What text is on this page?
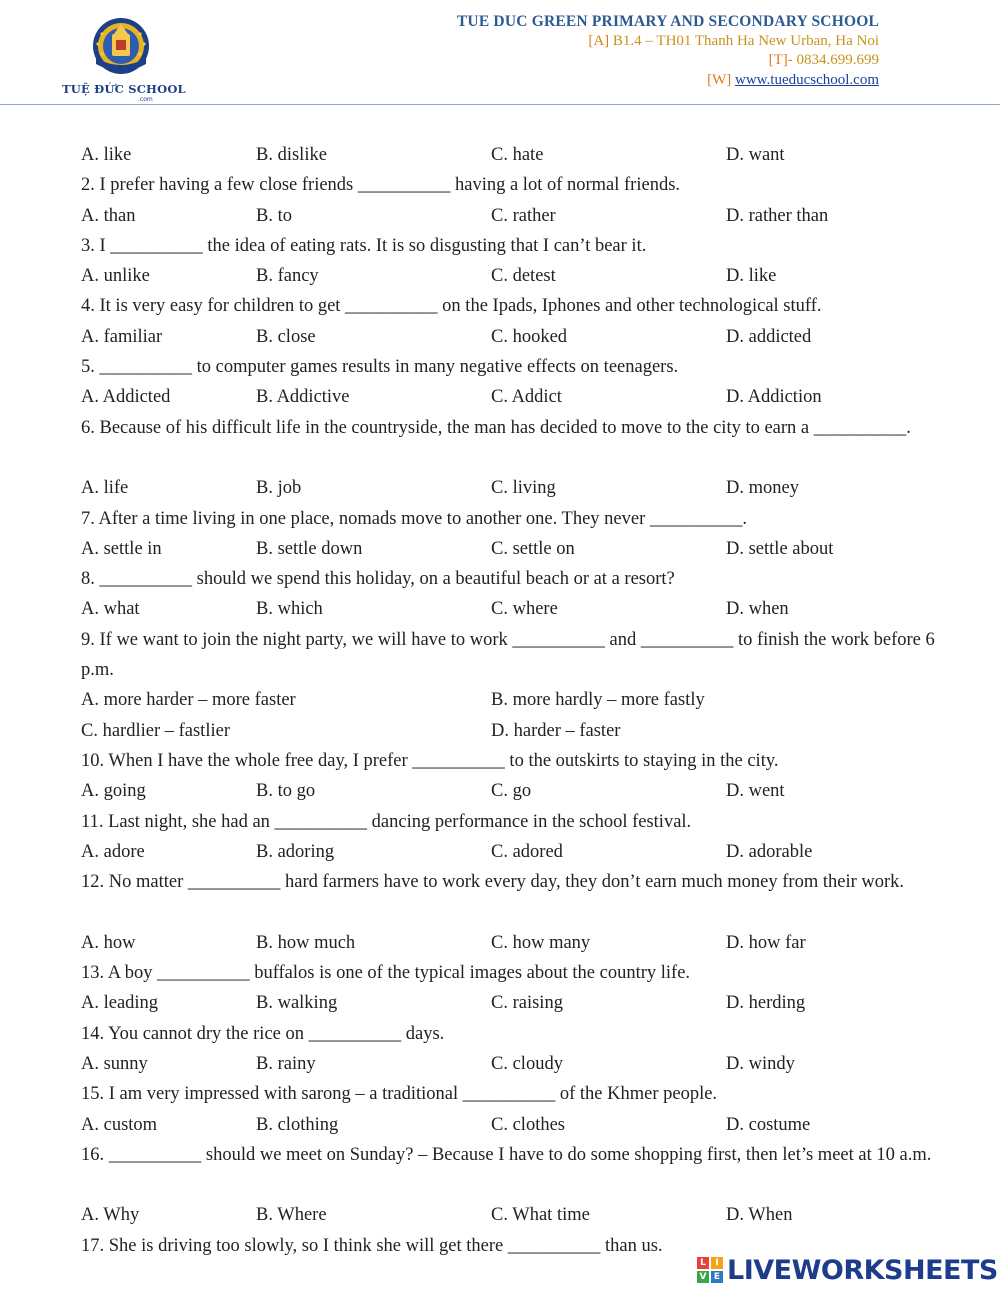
TUỆ ĐỨC SCHOOL
.com
TUE DUC GREEN PRIMARY AND SECONDARY SCHOOL
[A] B1.4 – TH01 Thanh Ha New Urban, Ha Noi
[T]- 0834.699.699
[W] www.tueducschool.com
A. like	B. dislike	C. hate	D. want
2. I prefer having a few close friends __________ having a lot of normal friends.
A. than	B. to	C. rather	D. rather than
3. I __________ the idea of eating rats. It is so disgusting that I can’t bear it.
A. unlike	B. fancy	C. detest	D. like
4. It is very easy for children to get __________ on the Ipads, Iphones and other technological stuff.
A. familiar	B. close	C. hooked	D. addicted
5. __________ to computer games results in many negative effects on teenagers.
A. Addicted	B. Addictive	C. Addict	D. Addiction
6. Because of his difficult life in the countryside, the man has decided to move to the city to earn a __________.
A. life	B. job	C. living	D. money
7. After a time living in one place, nomads move to another one. They never __________.
A. settle in	B. settle down	C. settle on	D. settle about
8. __________ should we spend this holiday, on a beautiful beach or at a resort?
A. what	B. which	C. where	D. when
9. If we want to join the night party, we will have to work __________ and __________ to finish the work before 6 p.m.
A. more harder – more faster	B. more hardly – more fastly
C. hardlier – fastlier	D. harder – faster
10. When I have the whole free day, I prefer __________ to the outskirts to staying in the city.
A. going	B. to go	C. go	D. went
11. Last night, she had an __________ dancing performance in the school festival.
A. adore	B. adoring	C. adored	D. adorable
12. No matter __________ hard farmers have to work every day, they don’t earn much money from their work.
A. how	B. how much	C. how many	D. how far
13. A boy __________ buffalos is one of the typical images about the country life.
A. leading	B. walking	C. raising	D. herding
14. You cannot dry the rice on __________ days.
A. sunny	B. rainy	C. cloudy	D. windy
15. I am very impressed with sarong – a traditional __________ of the Khmer people.
A. custom	B. clothing	C. clothes	D. costume
16. __________ should we meet on Sunday? – Because I have to do some shopping first, then let’s meet at 10 a.m.
A. Why	B. Where	C. What time	D. When
17. She is driving too slowly, so I think she will get there __________ than us.
L	I
V E LIVEWORKSHEETS
